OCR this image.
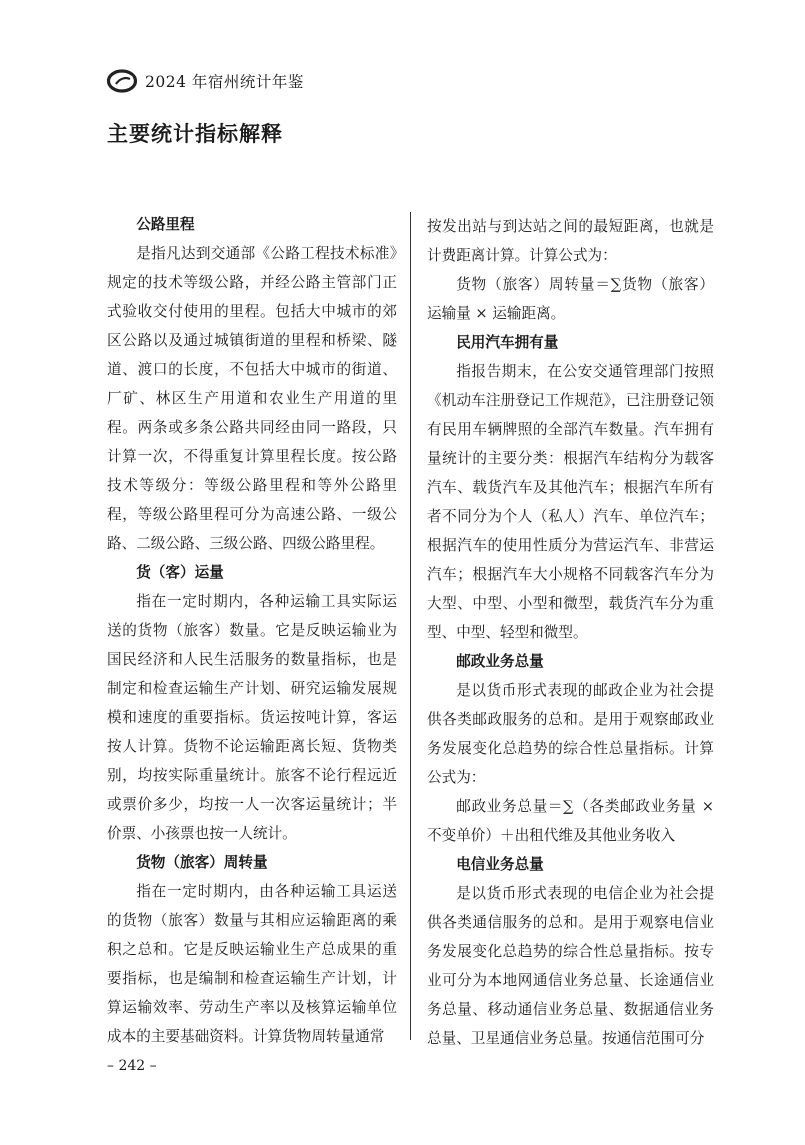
2024 年宿州统计年鉴
主要统计指标解释
公路里程

是指凡达到交通部《公路工程技术标准》规定的技术等级公路，并经公路主管部门正式验收交付使用的里程。包括大中城市的郊区公路以及通过城镇街道的里程和桥梁、隧道、渡口的长度，不包括大中城市的街道、厂矿、林区生产用道和农业生产用道的里程。两条或多条公路共同经由同一路段，只计算一次，不得重复计算里程长度。按公路技术等级分：等级公路里程和等外公路里程，等级公路里程可分为高速公路、一级公路、二级公路、三级公路、四级公路里程。

货（客）运量

指在一定时期内，各种运输工具实际运送的货物（旅客）数量。它是反映运输业为国民经济和人民生活服务的数量指标，也是制定和检查运输生产计划、研究运输发展规模和速度的重要指标。货运按吨计算，客运按人计算。货物不论运输距离长短、货物类别，均按实际重量统计。旅客不论行程远近或票价多少，均按一人一次客运量统计；半价票、小孩票也按一人统计。

货物（旅客）周转量

指在一定时期内，由各种运输工具运送的货物（旅客）数量与其相应运输距离的乘积之总和。它是反映运输业生产总成果的重要指标，也是编制和检查运输生产计划，计算运输效率、劳动生产率以及核算运输单位成本的主要基础资料。计算货物周转量通常

按发出站与到达站之间的最短距离，也就是计费距离计算。计算公式为：

货物（旅客）周转量＝∑货物（旅客）运输量 × 运输距离。

民用汽车拥有量

指报告期末，在公安交通管理部门按照《机动车注册登记工作规范》，已注册登记领有民用车辆牌照的全部汽车数量。汽车拥有量统计的主要分类：根据汽车结构分为载客汽车、载货汽车及其他汽车；根据汽车所有者不同分为个人（私人）汽车、单位汽车；根据汽车的使用性质分为营运汽车、非营运汽车；根据汽车大小规格不同载客汽车分为大型、中型、小型和微型，载货汽车分为重型、中型、轻型和微型。

邮政业务总量

是以货币形式表现的邮政企业为社会提供各类邮政服务的总和。是用于观察邮政业务发展变化总趋势的综合性总量指标。计算公式为：

邮政业务总量＝∑（各类邮政业务量 × 不变单价）＋出租代维及其他业务收入

电信业务总量

是以货币形式表现的电信企业为社会提供各类通信服务的总和。是用于观察电信业务发展变化总趋势的综合性总量指标。按专业可分为本地网通信业务总量、长途通信业务总量、移动通信业务总量、数据通信业务总量、卫星通信业务总量。按通信范围可分

– 242 –
